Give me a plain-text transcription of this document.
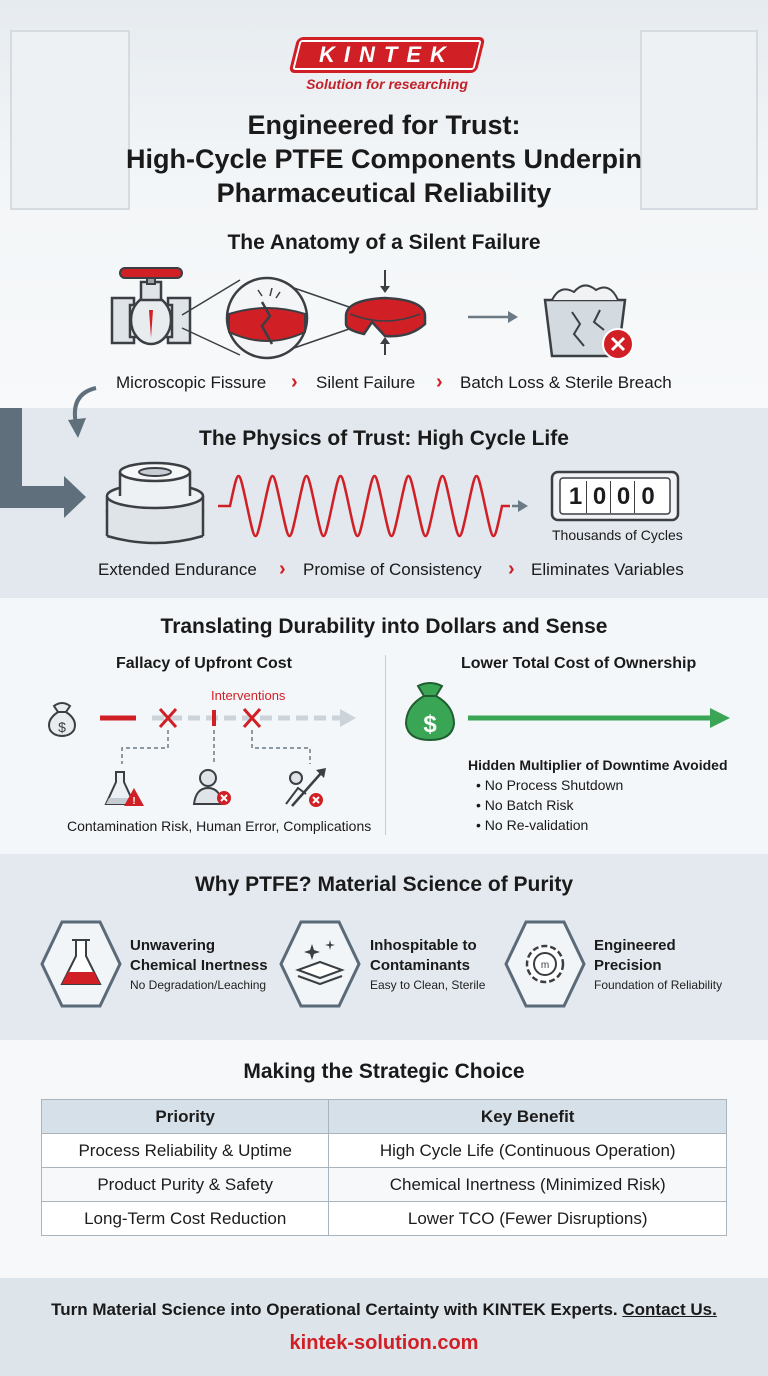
KINTEK
Solution for researching
Engineered for Trust:
High-Cycle PTFE Components Underpin
Pharmaceutical Reliability
The Anatomy of a Silent Failure
Microscopic Fissure › Silent Failure › Batch Loss & Sterile Breach
The Physics of Trust: High Cycle Life
1 0 0 0
Thousands of Cycles
Extended Endurance › Promise of Consistency › Eliminates Variables
Translating Durability into Dollars and Sense
Fallacy of Upfront Cost
Interventions
$
!
Contamination Risk, Human Error, Complications
Lower Total Cost of Ownership
$
Hidden Multiplier of Downtime Avoided
• No Process Shutdown
• No Batch Risk
• No Re-validation
Why PTFE? Material Science of Purity
m
Unwavering
Chemical Inertness
No Degradation/Leaching
Inhospitable to
Contaminants
Easy to Clean, Sterile
Engineered
Precision
Foundation of Reliability
Making the Strategic Choice
Priority	Key Benefit
Process Reliability & Uptime	High Cycle Life (Continuous Operation)
Product Purity & Safety	Chemical Inertness (Minimized Risk)
Long-Term Cost Reduction	Lower TCO (Fewer Disruptions)
Turn Material Science into Operational Certainty with KINTEK Experts. Contact Us.
kintek-solution.com
